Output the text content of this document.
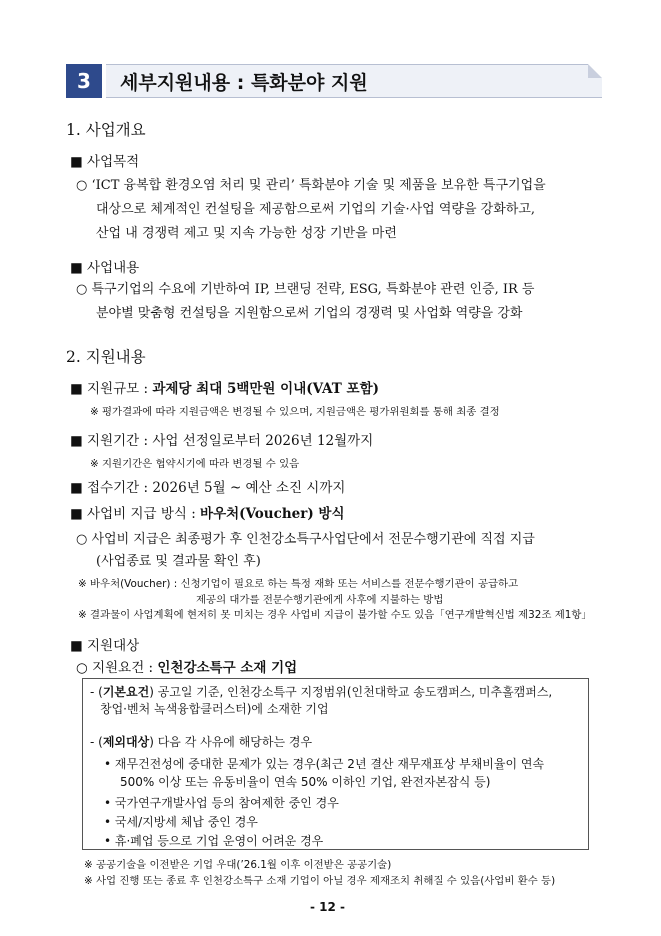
3	세부지원내용 : 특화분야 지원
1. 사업개요
■ 사업목적
○ ‘ICT 융복합 환경오염 처리 및 관리’ 특화분야 기술 및 제품을 보유한 특구기업을
대상으로 체계적인 컨설팅을 제공함으로써 기업의 기술·사업 역량을 강화하고,
산업 내 경쟁력 제고 및 지속 가능한 성장 기반을 마련
■ 사업내용
○ 특구기업의 수요에 기반하여 IP, 브랜딩 전략, ESG, 특화분야 관련 인증, IR 등
분야별 맞춤형 컨설팅을 지원함으로써 기업의 경쟁력 및 사업화 역량을 강화
2. 지원내용
■ 지원규모 : 과제당 최대 5백만원 이내(VAT 포함)
※ 평가결과에 따라 지원금액은 변경될 수 있으며, 지원금액은 평가위원회를 통해 최종 결정
■ 지원기간 : 사업 선정일로부터 2026년 12월까지
※ 지원기간은 협약시기에 따라 변경될 수 있음
■ 접수기간 : 2026년 5월 ~ 예산 소진 시까지
■ 사업비 지급 방식 : 바우처(Voucher) 방식
○ 사업비 지급은 최종평가 후 인천강소특구사업단에서 전문수행기관에 직접 지급
(사업종료 및 결과물 확인 후)
※ 바우처(Voucher) : 신청기업이 필요로 하는 특정 재화 또는 서비스를 전문수행기관이 공급하고
제공의 대가를 전문수행기관에게 사후에 지불하는 방법
※ 결과물이 사업계획에 현저히 못 미치는 경우 사업비 지급이 불가할 수도 있음「연구개발혁신법 제32조 제1항」
■ 지원대상
○ 지원요건 : 인천강소특구 소재 기업
- (기본요건) 공고일 기준, 인천강소특구 지정범위(인천대학교 송도캠퍼스, 미추홀캠퍼스,
창업·벤처 녹색융합클러스터)에 소재한 기업
- (제외대상) 다음 각 사유에 해당하는 경우
• 재무건전성에 중대한 문제가 있는 경우(최근 2년 결산 재무재표상 부채비율이 연속
500% 이상 또는 유동비율이 연속 50% 이하인 기업, 완전자본잠식 등)
• 국가연구개발사업 등의 참여제한 중인 경우
• 국세/지방세 체납 중인 경우
• 휴·폐업 등으로 기업 운영이 어려운 경우
※ 공공기술을 이전받은 기업 우대(’26.1월 이후 이전받은 공공기술)
※ 사업 진행 또는 종료 후 인천강소특구 소재 기업이 아닐 경우 제재조치 취해질 수 있음(사업비 환수 등)
- 12 -
